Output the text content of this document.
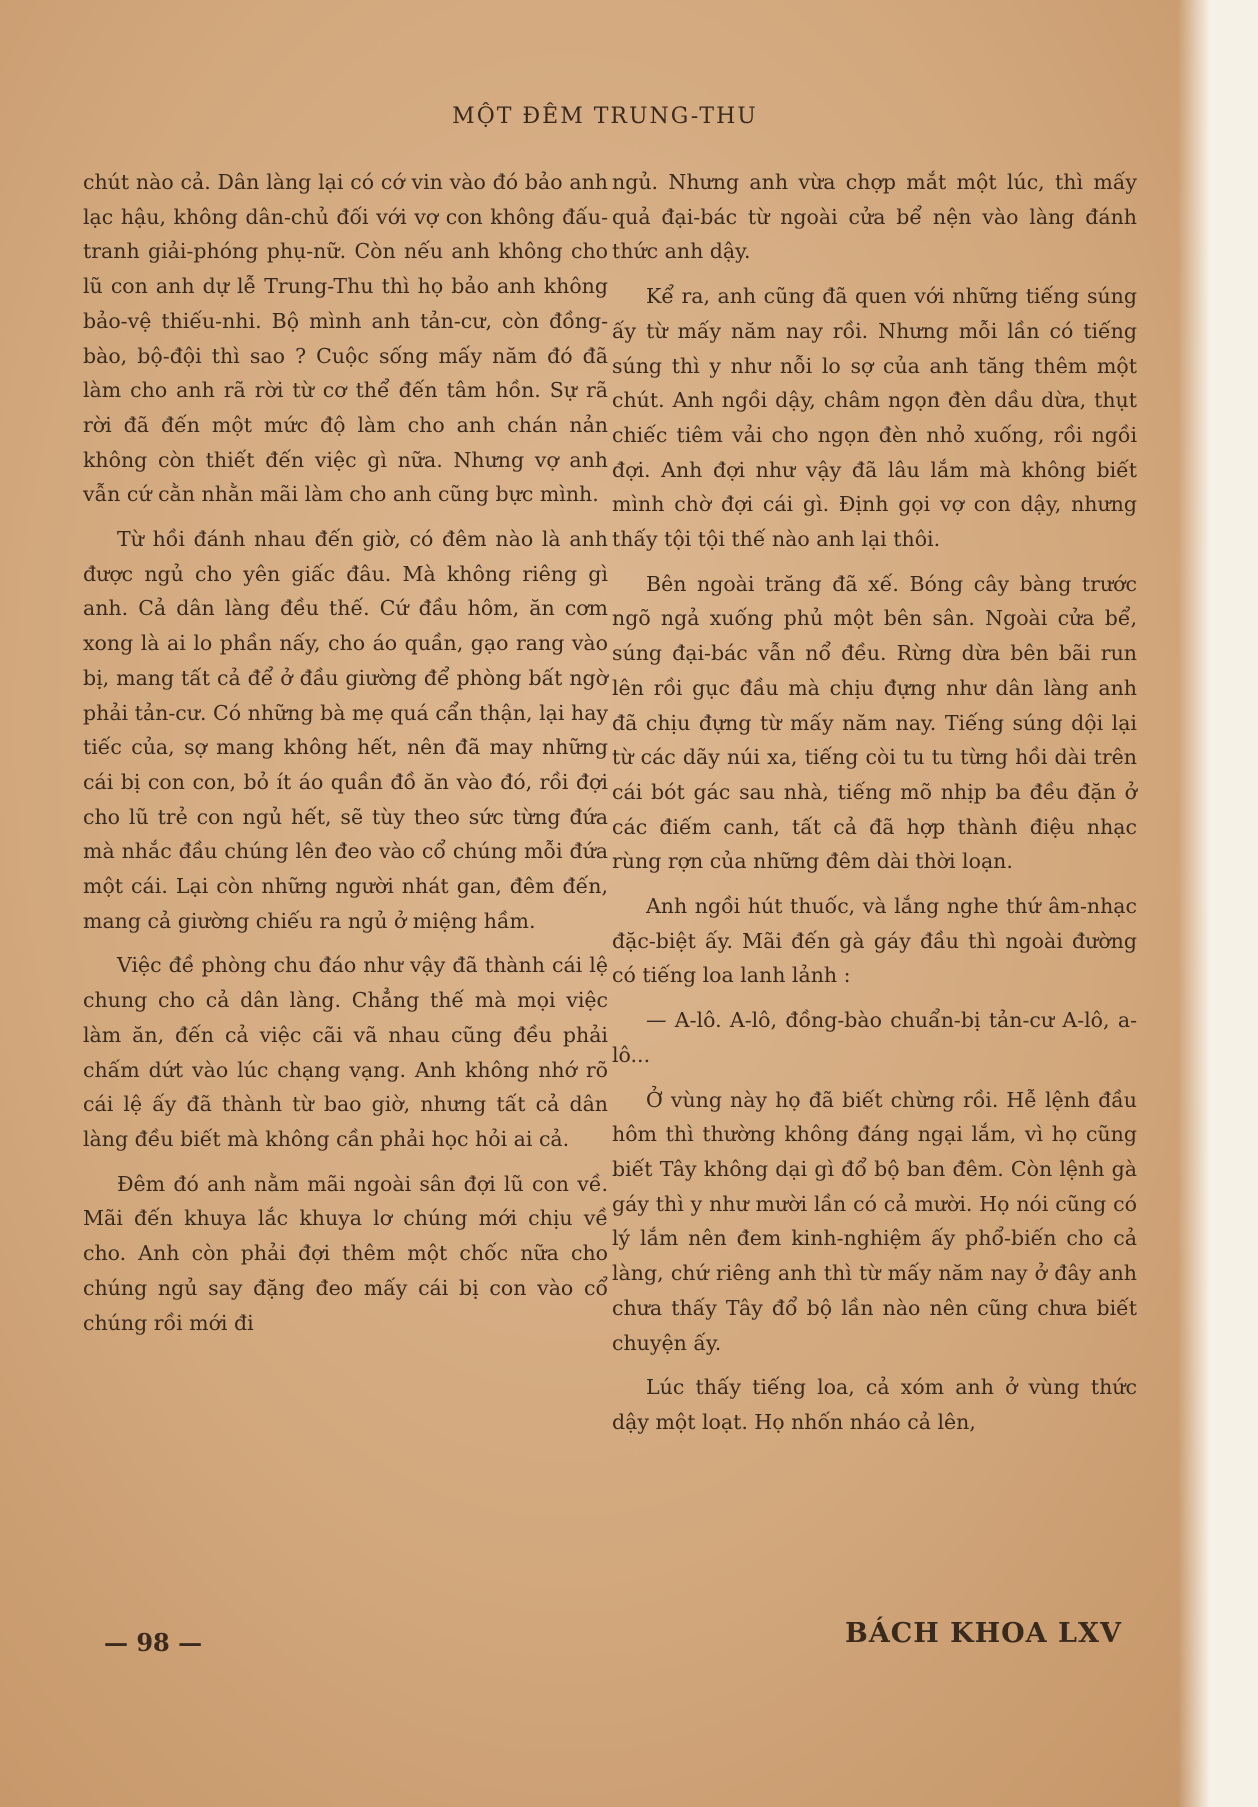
MỘT ĐÊM TRUNG-THU

chút nào cả. Dân làng lại có cớ vin vào đó bảo anh lạc hậu, không dân-chủ đối với vợ con không đấu-tranh giải-phóng phụ-nữ. Còn nếu anh không cho lũ con anh dự lễ Trung-Thu thì họ bảo anh không bảo-vệ thiếu-nhi. Bộ mình anh tản-cư, còn đồng-bào, bộ-đội thì sao ? Cuộc sống mấy năm đó đã làm cho anh rã rời từ cơ thể đến tâm hồn. Sự rã rời đã đến một mức độ làm cho anh chán nản không còn thiết đến việc gì nữa. Nhưng vợ anh vẫn cứ cằn nhằn mãi làm cho anh cũng bực mình.

Từ hồi đánh nhau đến giờ, có đêm nào là anh được ngủ cho yên giấc đâu. Mà không riêng gì anh. Cả dân làng đều thế. Cứ đầu hôm, ăn cơm xong là ai lo phần nấy, cho áo quần, gạo rang vào bị, mang tất cả để ở đầu giường để phòng bất ngờ phải tản-cư. Có những bà mẹ quá cẩn thận, lại hay tiếc của, sợ mang không hết, nên đã may những cái bị con con, bỏ ít áo quần đồ ăn vào đó, rồi đợi cho lũ trẻ con ngủ hết, sẽ tùy theo sức từng đứa mà nhắc đầu chúng lên đeo vào cổ chúng mỗi đứa một cái. Lại còn những người nhát gan, đêm đến, mang cả giường chiếu ra ngủ ở miệng hầm.

Việc đề phòng chu đáo như vậy đã thành cái lệ chung cho cả dân làng. Chẳng thế mà mọi việc làm ăn, đến cả việc cãi vã nhau cũng đều phải chấm dứt vào lúc chạng vạng. Anh không nhớ rõ cái lệ ấy đã thành từ bao giờ, nhưng tất cả dân làng đều biết mà không cần phải học hỏi ai cả.

Đêm đó anh nằm mãi ngoài sân đợi lũ con về. Mãi đến khuya lắc khuya lơ chúng mới chịu về cho. Anh còn phải đợi thêm một chốc nữa cho chúng ngủ say đặng đeo mấy cái bị con vào cổ chúng rồi mới đi

ngủ. Nhưng anh vừa chợp mắt một lúc, thì mấy quả đại-bác từ ngoài cửa bể nện vào làng đánh thức anh dậy.

Kể ra, anh cũng đã quen với những tiếng súng ấy từ mấy năm nay rồi. Nhưng mỗi lần có tiếng súng thì y như nỗi lo sợ của anh tăng thêm một chút. Anh ngồi dậy, châm ngọn đèn dầu dừa, thụt chiếc tiêm vải cho ngọn đèn nhỏ xuống, rồi ngồi đợi. Anh đợi như vậy đã lâu lắm mà không biết mình chờ đợi cái gì. Định gọi vợ con dậy, nhưng thấy tội tội thế nào anh lại thôi.

Bên ngoài trăng đã xế. Bóng cây bàng trước ngõ ngả xuống phủ một bên sân. Ngoài cửa bể, súng đại-bác vẫn nổ đều. Rừng dừa bên bãi run lên rồi gục đầu mà chịu đựng như dân làng anh đã chịu đựng từ mấy năm nay. Tiếng súng dội lại từ các dãy núi xa, tiếng còi tu tu từng hồi dài trên cái bót gác sau nhà, tiếng mõ nhịp ba đều đặn ở các điếm canh, tất cả đã hợp thành điệu nhạc rùng rợn của những đêm dài thời loạn.

Anh ngồi hút thuốc, và lắng nghe thứ âm-nhạc đặc-biệt ấy. Mãi đến gà gáy đầu thì ngoài đường có tiếng loa lanh lảnh :

— A-lô. A-lô, đồng-bào chuẩn-bị tản-cư A-lô, a-lô...

Ở vùng này họ đã biết chừng rồi. Hễ lệnh đầu hôm thì thường không đáng ngại lắm, vì họ cũng biết Tây không dại gì đổ bộ ban đêm. Còn lệnh gà gáy thì y như mười lần có cả mười. Họ nói cũng có lý lắm nên đem kinh-nghiệm ấy phổ-biến cho cả làng, chứ riêng anh thì từ mấy năm nay ở đây anh chưa thấy Tây đổ bộ lần nào nên cũng chưa biết chuyện ấy.

Lúc thấy tiếng loa, cả xóm anh ở vùng thức dậy một loạt. Họ nhốn nháo cả lên,

— 98 —	BÁCH KHOA LXV
